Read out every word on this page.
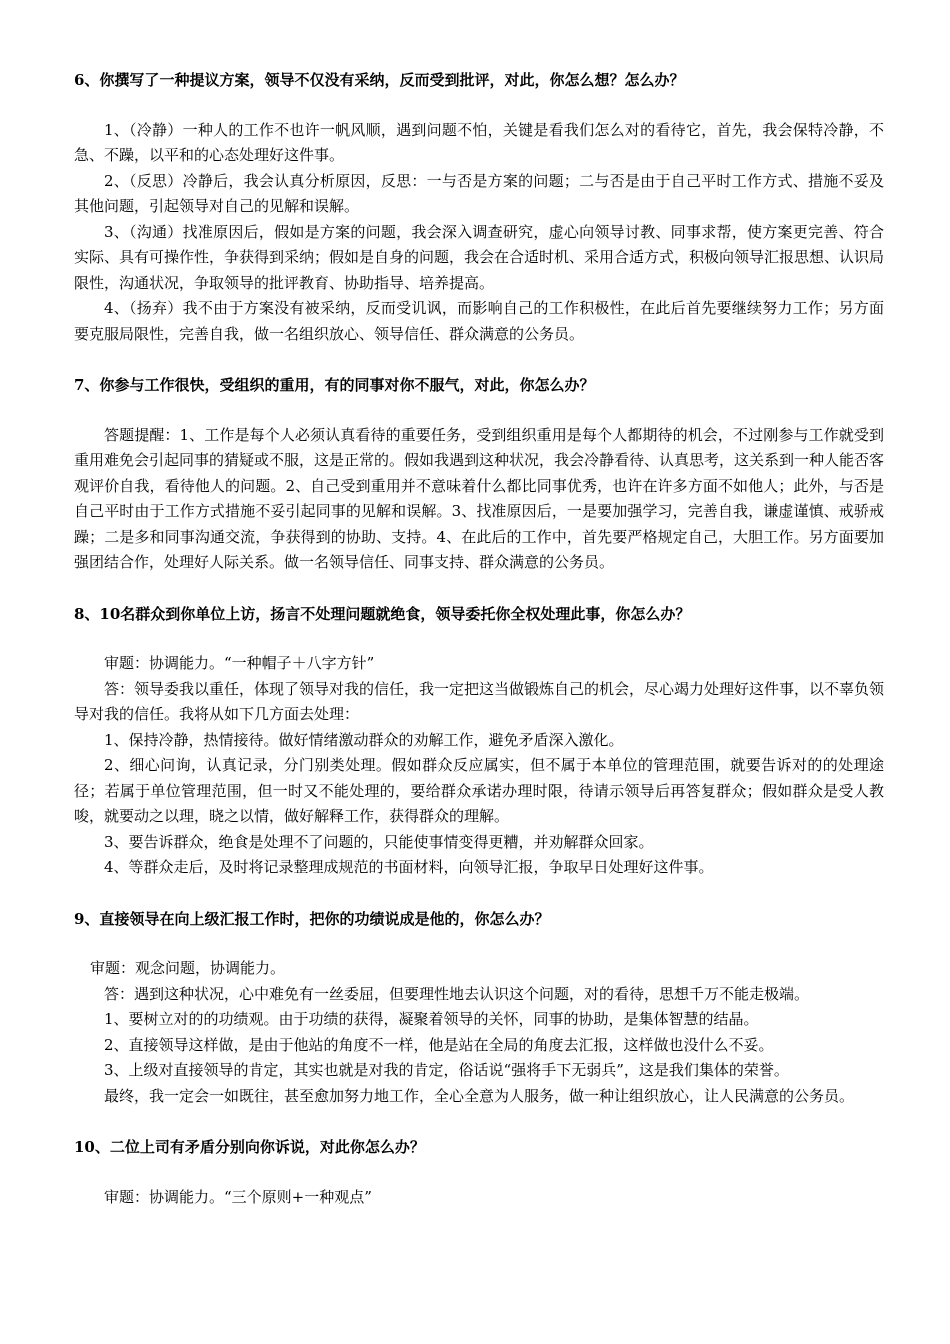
6、你撰写了一种提议方案，领导不仅没有采纳，反而受到批评，对此，你怎么想？怎么办？

1、（冷静）一种人的工作不也许一帆风顺，遇到问题不怕，关键是看我们怎么对的看待它，首先，我会保特冷静，不急、不躁，以平和的心态处理好这件事。

2、（反思）冷静后，我会认真分析原因，反思：一与否是方案的问题；二与否是由于自己平时工作方式、措施不妥及其他问题，引起领导对自己的见解和误解。

3、（沟通）找准原因后，假如是方案的问题，我会深入调查研究，虚心向领导讨教、同事求帮，使方案更完善、符合实际、具有可操作性，争获得到采纳；假如是自身的问题，我会在合适时机、采用合适方式，积极向领导汇报思想、认识局限性，沟通状况，争取领导的批评教育、协助指导、培养提高。

4、（扬弃）我不由于方案没有被采纳，反而受讥讽，而影响自己的工作积极性，在此后首先要继续努力工作；另方面要克服局限性，完善自我，做一名组织放心、领导信任、群众满意的公务员。

7、你参与工作很快，受组织的重用，有的同事对你不服气，对此，你怎么办？

答题提醒：1、工作是每个人必须认真看待的重要任务，受到组织重用是每个人都期待的机会，不过刚参与工作就受到重用难免会引起同事的猜疑或不服，这是正常的。假如我遇到这种状况，我会冷静看待、认真思考，这关系到一种人能否客观评价自我，看待他人的问题。2、自己受到重用并不意味着什么都比同事优秀，也许在许多方面不如他人；此外，与否是自己平时由于工作方式措施不妥引起同事的见解和误解。3、找准原因后，一是要加强学习，完善自我，谦虚谨慎、戒骄戒躁；二是多和同事沟通交流，争获得到的协助、支持。4、在此后的工作中，首先要严格规定自己，大胆工作。另方面要加强团结合作，处理好人际关系。做一名领导信任、同事支持、群众满意的公务员。

8、10名群众到你单位上访，扬言不处理问题就绝食，领导委托你全权处理此事，你怎么办？

审题：协调能力。“一种帽子＋八字方针”

答：领导委我以重任，体现了领导对我的信任，我一定把这当做锻炼自己的机会，尽心竭力处理好这件事，以不辜负领导对我的信任。我将从如下几方面去处理：

1、保持冷静，热情接待。做好情绪激动群众的劝解工作，避免矛盾深入激化。

2、细心问询，认真记录，分门别类处理。假如群众反应属实，但不属于本单位的管理范围，就要告诉对的的处理途径；若属于单位管理范围，但一时又不能处理的，要给群众承诺办理时限，待请示领导后再答复群众；假如群众是受人教唆，就要动之以理，晓之以情，做好解释工作，获得群众的理解。

3、要告诉群众，绝食是处理不了问题的，只能使事情变得更糟，并劝解群众回家。

4、等群众走后，及时将记录整理成规范的书面材料，向领导汇报，争取早日处理好这件事。

9、直接领导在向上级汇报工作时，把你的功绩说成是他的，你怎么办？

审题：观念问题，协调能力。

答：遇到这种状况，心中难免有一丝委屈，但要理性地去认识这个问题，对的看待，思想千万不能走极端。

1、要树立对的的功绩观。由于功绩的获得，凝聚着领导的关怀，同事的协助，是集体智慧的结晶。

2、直接领导这样做，是由于他站的角度不一样，他是站在全局的角度去汇报，这样做也没什么不妥。

3、上级对直接领导的肯定，其实也就是对我的肯定，俗话说“强将手下无弱兵”，这是我们集体的荣誉。

最终，我一定会一如既往，甚至愈加努力地工作，全心全意为人服务，做一种让组织放心，让人民满意的公务员。

10、二位上司有矛盾分别向你诉说，对此你怎么办？

审题：协调能力。“三个原则+一种观点”
